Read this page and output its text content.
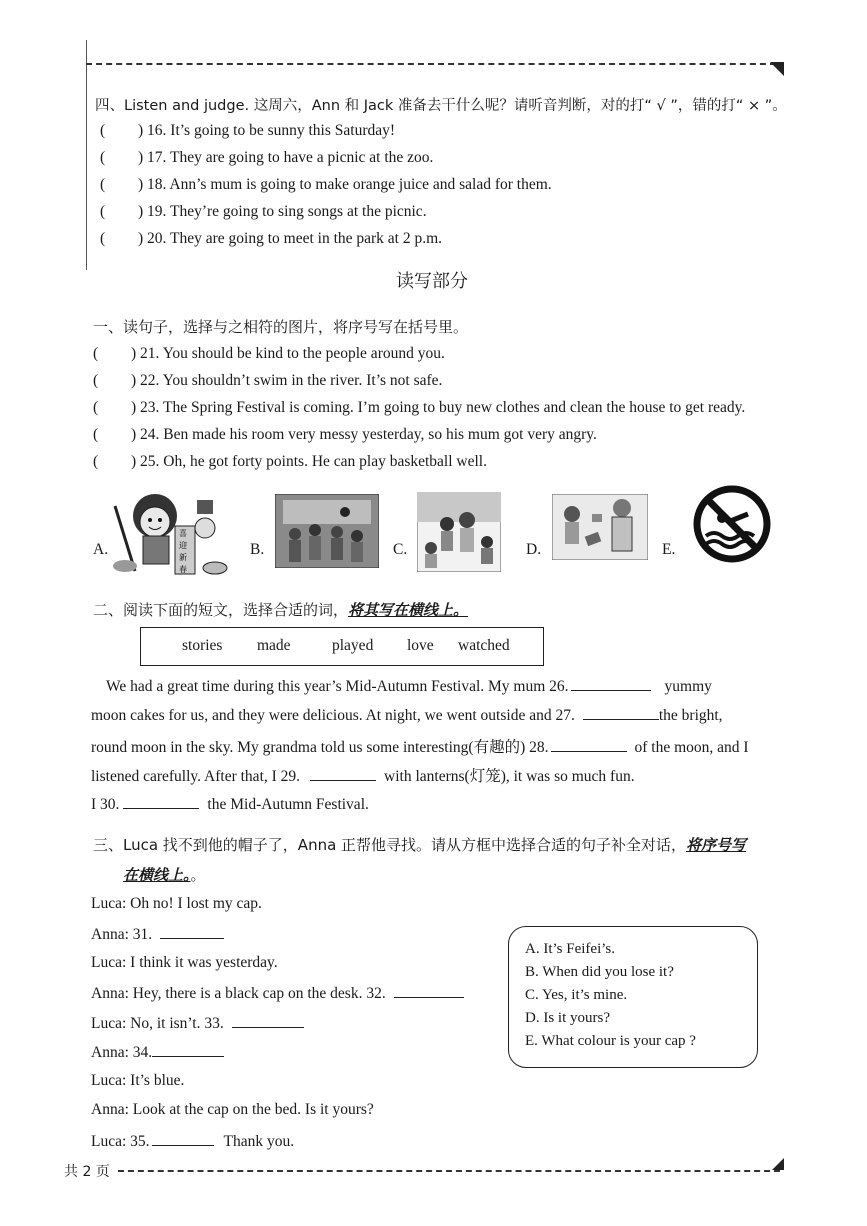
四、Listen and judge. 这周六，Ann 和 Jack 准备去干什么呢？请听音判断，对的打“ √ ”，错的打“ × ”。
() 16. It’s going to be sunny this Saturday!
() 17. They are going to have a picnic at the zoo.
() 18. Ann’s mum is going to make orange juice and salad for them.
() 19. They’re going to sing songs at the picnic.
() 20. They are going to meet in the park at 2 p.m.
读写部分
一、读句子，选择与之相符的图片，将序号写在括号里。
( ) 21. You should be kind to the people around you.
( ) 22. You shouldn’t swim in the river. It’s not safe.
( ) 23. The Spring Festival is coming. I’m going to buy new clothes and clean the house to get ready.
( ) 24. Ben made his room very messy yesterday, so his mum got very angry.
( ) 25. Oh, he got forty points. He can play basketball well.
喜
迎
新
春
A.	B.	C.	D.	E.
二、阅读下面的短文，选择合适的词，将其写在横线上。
stories made	played love watched
We had a great time during this year’s Mid-Autumn Festival. My mum 26.	yummy
moon cakes for us, and they were delicious. At night, we went outside and 27.	the bright,
round moon in the sky. My grandma told us some interesting(有趣的) 28.	of the moon, and I
listened carefully. After that, I 29.	with lanterns(灯笼), it was so much fun.
I 30.	the Mid-Autumn Festival.
三、Luca 找不到他的帽子了，Anna 正帮他寻找。请从方框中选择合适的句子补全对话，将序号写
在横线上。。
Luca: Oh no! I lost my cap.
Anna: 31.
Luca: I think it was yesterday.
Anna: Hey, there is a black cap on the desk. 32.
Luca: No, it isn’t. 33.
Anna: 34.
Luca: It’s blue.
Anna: Look at the cap on the bed. Is it yours?
Luca: 35.	Thank you.
A. It’s Feifei’s.
B. When did you lose it?
C. Yes, it’s mine.
D. Is it yours?
E. What colour is your cap ?
共 2 页
